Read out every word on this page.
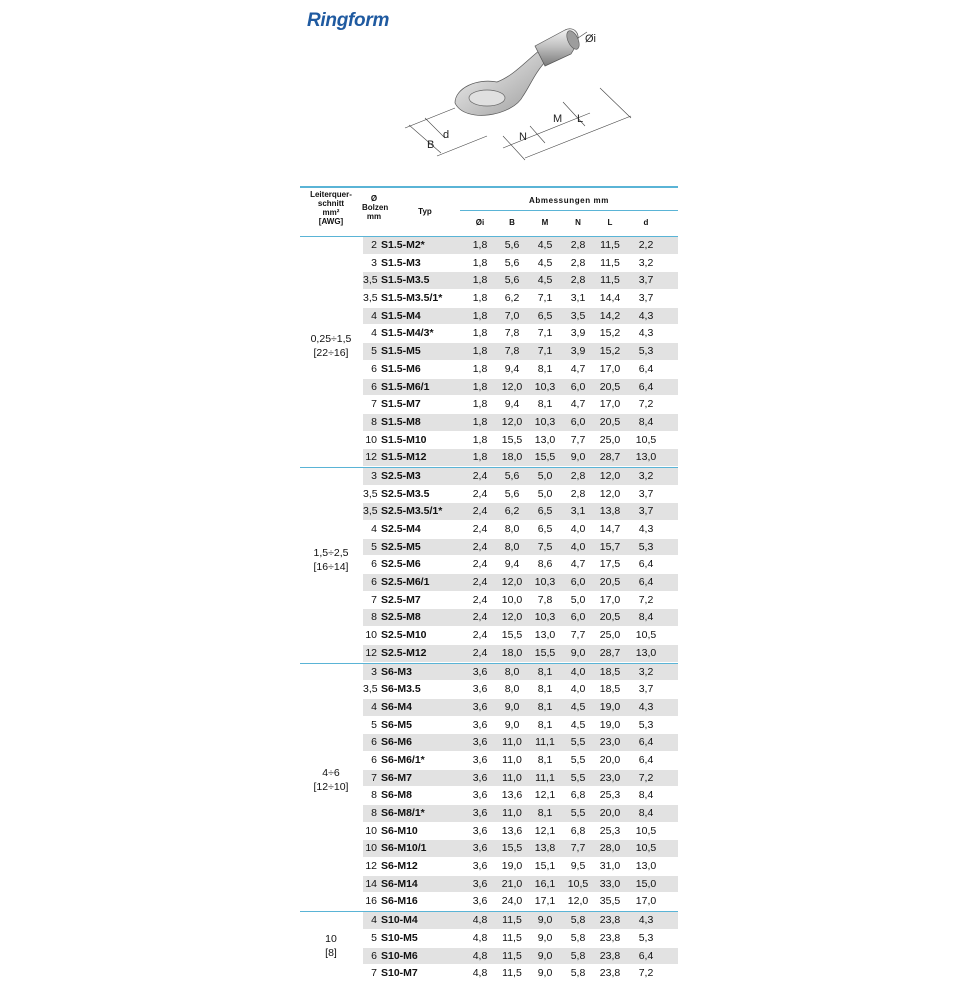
Ringform
Øi
B
d	N
M L
Leiterquer-
schnitt
mm²
[AWG]
Ø
Bolzen
mm
Typ
Abmessungen mm
Øi	B	M	N	L	d
0,25÷1,5
[22÷16]
2 S1.5-M2*	1,8	5,6	4,5	2,8	11,5	2,2
3 S1.5-M3	1,8	5,6	4,5	2,8	11,5	3,2
3,5 S1.5-M3.5	1,8	5,6	4,5	2,8	11,5	3,7
3,5 S1.5-M3.5/1*	1,8	6,2	7,1	3,1	14,4	3,7
4 S1.5-M4	1,8	7,0	6,5	3,5	14,2	4,3
4 S1.5-M4/3*	1,8	7,8	7,1	3,9	15,2	4,3
5 S1.5-M5	1,8	7,8	7,1	3,9	15,2	5,3
6 S1.5-M6	1,8	9,4	8,1	4,7	17,0	6,4
6 S1.5-M6/1	1,8	12,0	10,3	6,0	20,5	6,4
7 S1.5-M7	1,8	9,4	8,1	4,7	17,0	7,2
8 S1.5-M8	1,8	12,0	10,3	6,0	20,5	8,4
10 S1.5-M10	1,8	15,5	13,0	7,7	25,0	10,5
12 S1.5-M12	1,8	18,0	15,5	9,0	28,7	13,0
1,5÷2,5
[16÷14]
3 S2.5-M3	2,4	5,6	5,0	2,8	12,0	3,2
3,5 S2.5-M3.5	2,4	5,6	5,0	2,8	12,0	3,7
3,5 S2.5-M3.5/1*	2,4	6,2	6,5	3,1	13,8	3,7
4 S2.5-M4	2,4	8,0	6,5	4,0	14,7	4,3
5 S2.5-M5	2,4	8,0	7,5	4,0	15,7	5,3
6 S2.5-M6	2,4	9,4	8,6	4,7	17,5	6,4
6 S2.5-M6/1	2,4	12,0	10,3	6,0	20,5	6,4
7 S2.5-M7	2,4	10,0	7,8	5,0	17,0	7,2
8 S2.5-M8	2,4	12,0	10,3	6,0	20,5	8,4
10 S2.5-M10	2,4	15,5	13,0	7,7	25,0	10,5
12 S2.5-M12	2,4	18,0	15,5	9,0	28,7	13,0
4÷6
[12÷10]
3 S6-M3	3,6	8,0	8,1	4,0	18,5	3,2
3,5 S6-M3.5	3,6	8,0	8,1	4,0	18,5	3,7
4 S6-M4	3,6	9,0	8,1	4,5	19,0	4,3
5 S6-M5	3,6	9,0	8,1	4,5	19,0	5,3
6 S6-M6	3,6	11,0	11,1	5,5	23,0	6,4
6 S6-M6/1*	3,6	11,0	8,1	5,5	20,0	6,4
7 S6-M7	3,6	11,0	11,1	5,5	23,0	7,2
8 S6-M8	3,6	13,6	12,1	6,8	25,3	8,4
8 S6-M8/1*	3,6	11,0	8,1	5,5	20,0	8,4
10 S6-M10	3,6	13,6	12,1	6,8	25,3	10,5
10 S6-M10/1	3,6	15,5	13,8	7,7	28,0	10,5
12 S6-M12	3,6	19,0	15,1	9,5	31,0	13,0
14 S6-M14	3,6	21,0	16,1	10,5	33,0	15,0
16 S6-M16	3,6	24,0	17,1	12,0	35,5	17,0
10
[8]
4 S10-M4	4,8	11,5	9,0	5,8	23,8	4,3
5 S10-M5	4,8	11,5	9,0	5,8	23,8	5,3
6 S10-M6	4,8	11,5	9,0	5,8	23,8	6,4
7 S10-M7	4,8	11,5	9,0	5,8	23,8	7,2
